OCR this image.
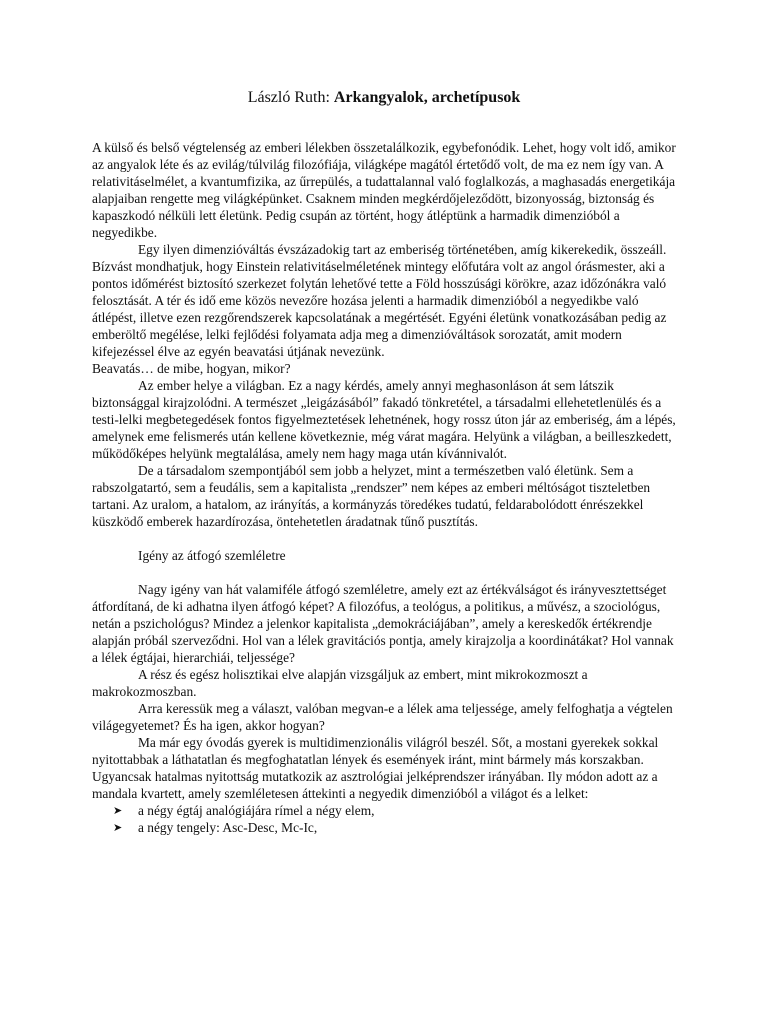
László Ruth: Arkangyalok, archetípusok

A külső és belső végtelenség az emberi lélekben összetalálkozik, egybefonódik. Lehet, hogy volt idő, amikor az angyalok léte és az evilág/túlvilág filozófiája, világképe magától értetődő volt, de ma ez nem így van. A relativitáselmélet, a kvantumfizika, az űrrepülés, a tudattalannal való foglalkozás, a maghasadás energetikája alapjaiban rengette meg világképünket. Csaknem minden megkérdőjeleződött, bizonyosság, biztonság és kapaszkodó nélküli lett életünk. Pedig csupán az történt, hogy átléptünk a harmadik dimenzióból a negyedikbe.

Egy ilyen dimenzióváltás évszázadokig tart az emberiség történetében, amíg kikerekedik, összeáll. Bízvást mondhatjuk, hogy Einstein relativitáselméletének mintegy előfutára volt az angol órásmester, aki a pontos időmérést biztosító szerkezet folytán lehetővé tette a Föld hosszúsági körökre, azaz időzónákra való felosztását. A tér és idő eme közös nevezőre hozása jelenti a harmadik dimenzióból a negyedikbe való átlépést, illetve ezen rezgőrendszerek kapcsolatának a megértését. Egyéni életünk vonatkozásában pedig az emberöltő megélése, lelki fejlődési folyamata adja meg a dimenzióváltások sorozatát, amit modern kifejezéssel élve az egyén beavatási útjának nevezünk.

Beavatás… de mibe, hogyan, mikor?

Az ember helye a világban. Ez a nagy kérdés, amely annyi meghasonláson át sem látszik biztonsággal kirajzolódni. A természet „leigázásából” fakadó tönkretétel, a társadalmi ellehetetlenülés és a testi-lelki megbetegedések fontos figyelmeztetések lehetnének, hogy rossz úton jár az emberiség, ám a lépés, amelynek eme felismerés után kellene következnie, még várat magára. Helyünk a világban, a beilleszkedett, működőképes helyünk megtalálása, amely nem hagy maga után kívánnivalót.

De a társadalom szempontjából sem jobb a helyzet, mint a természetben való életünk. Sem a rabszolgatartó, sem a feudális, sem a kapitalista „rendszer” nem képes az emberi méltóságot tiszteletben tartani. Az uralom, a hatalom, az irányítás, a kormányzás töredékes tudatú, feldarabolódott énrészekkel küszködő emberek hazardírozása, öntehetetlen áradatnak tűnő pusztítás.

Igény az átfogó szemléletre

Nagy igény van hát valamiféle átfogó szemléletre, amely ezt az értékválságot és irányvesztettséget átfordítaná, de ki adhatna ilyen átfogó képet? A filozófus, a teológus, a politikus, a művész, a szociológus, netán a pszichológus? Mindez a jelenkor kapitalista „demokráciájában”, amely a kereskedők értékrendje alapján próbál szerveződni. Hol van a lélek gravitációs pontja, amely kirajzolja a koordinátákat? Hol vannak a lélek égtájai, hierarchiái, teljessége?

A rész és egész holisztikai elve alapján vizsgáljuk az embert, mint mikrokozmoszt a makrokozmoszban.

Arra keressük meg a választ, valóban megvan-e a lélek ama teljessége, amely felfoghatja a végtelen világegyetemet? És ha igen, akkor hogyan?

Ma már egy óvodás gyerek is multidimenzionális világról beszél. Sőt, a mostani gyerekek sokkal nyitottabbak a láthatatlan és megfoghatatlan lények és események iránt, mint bármely más korszakban. Ugyancsak hatalmas nyitottság mutatkozik az asztrológiai jelképrendszer irányában. Ily módon adott az a mandala kvartett, amely szemléletesen áttekinti a negyedik dimenzióból a világot és a lelket:

➤ a négy égtáj analógiájára rímel a négy elem,
➤ a négy tengely: Asc-Desc, Mc-Ic,
